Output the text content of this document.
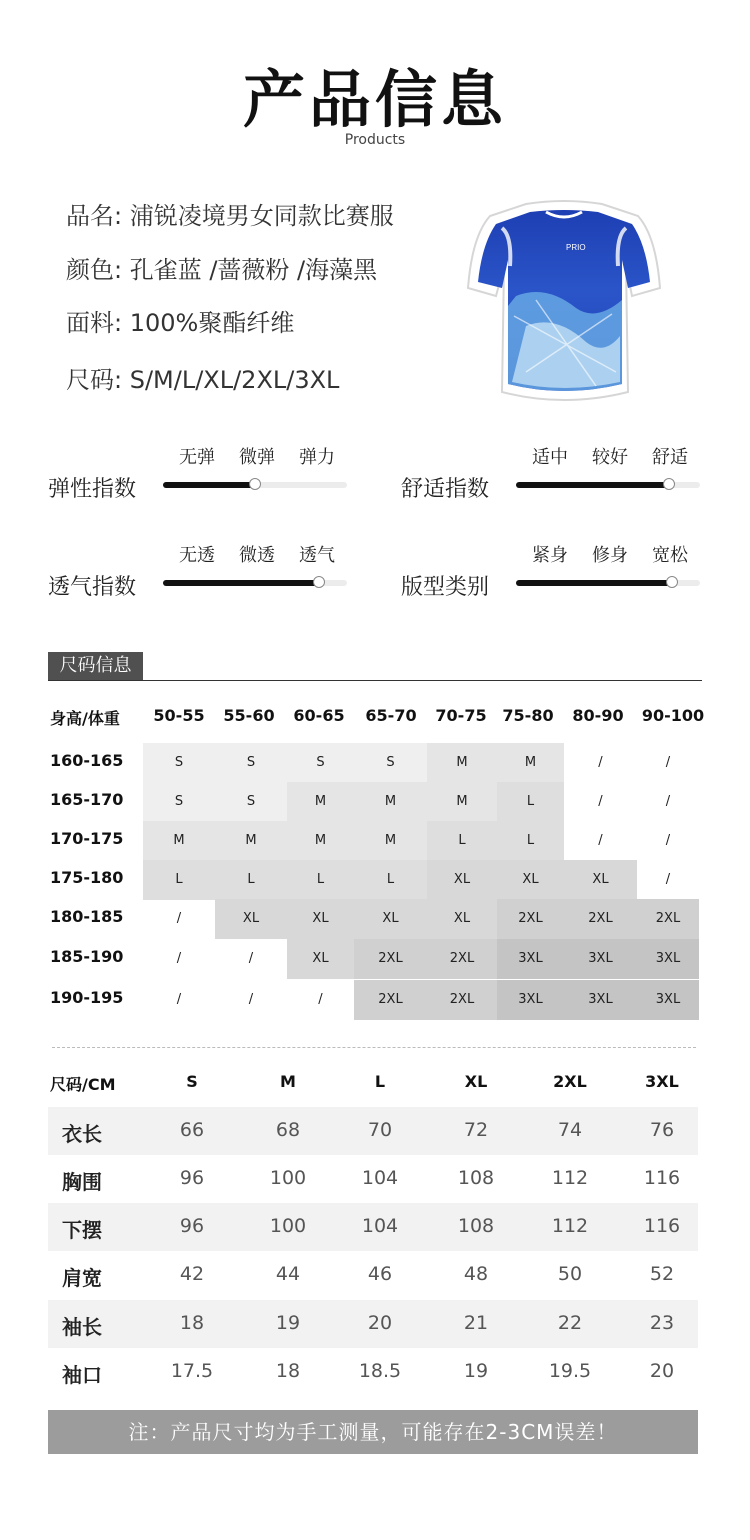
产品信息
Products
品名: 浦锐凌境男女同款比赛服
颜色: 孔雀蓝 /蔷薇粉 /海藻黑
面料: 100%聚酯纤维
尺码: S/M/L/XL/2XL/3XL
PRIO
弹性指数
无弹	微弹	弹力
舒适指数
适中	较好	舒适
透气指数
无透	微透	透气
版型类别
紧身	修身	宽松
尺码信息
身高/体重	50-55	55-60	60-65	65-70	70-75 75-80	80-90	90-100
160-165	S	S	S	S	M	M	/	/
165-170	S	S	M	M	M	L	/	/
170-175	M	M	M	M	L	L	/	/
175-180	L	L	L	L	XL	XL	XL	/
180-185	/	XL	XL	XL	XL	2XL	2XL	2XL
185-190	/	/	XL	2XL	2XL	3XL	3XL	3XL
190-195	/	/	/	2XL	2XL	3XL	3XL	3XL
尺码/CM	S	M	L	XL	2XL	3XL
衣长	66	68	70	72	74	76
胸围	96	100	104	108	112	116
下摆	96	100	104	108	112	116
肩宽	42	44	46	48	50	52
袖长	18	19	20	21	22	23
袖口	17.5	18	18.5	19	19.5	20
注：产品尺寸均为手工测量，可能存在2-3CM误差！
